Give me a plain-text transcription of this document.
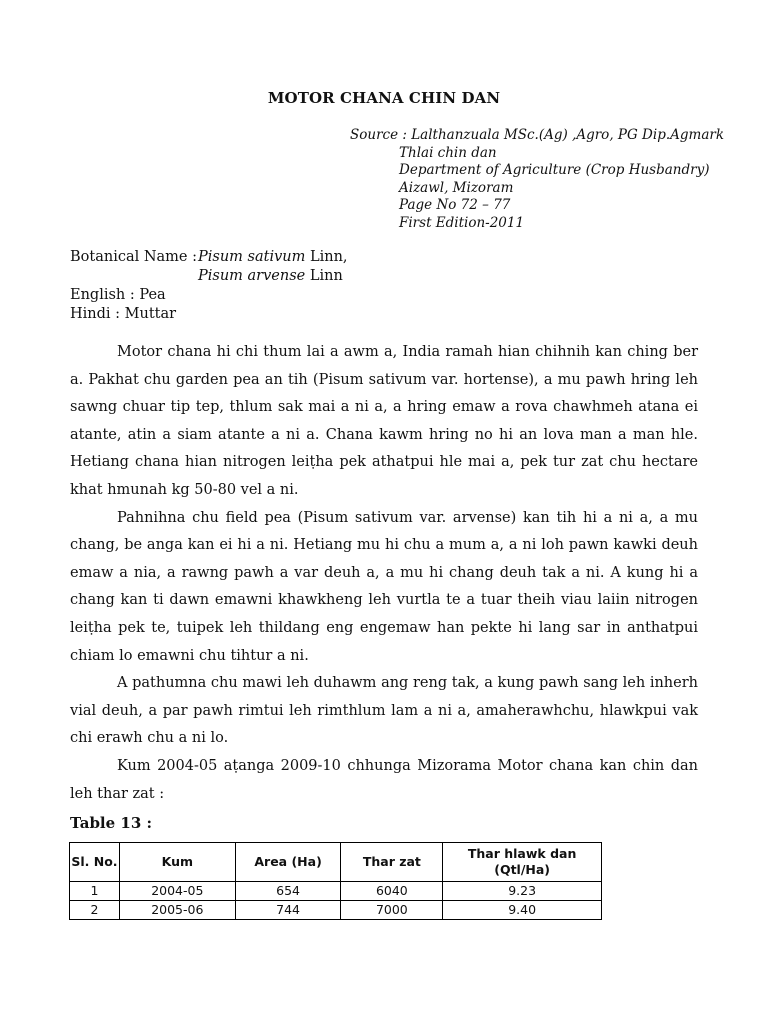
MOTOR CHANA CHIN DAN
Source : Lalthanzuala MSc.(Ag) ,Agro, PG Dip.Agmark
Thlai chin dan
Department of Agriculture (Crop Husbandry)
Aizawl, Mizoram
Page No 72 – 77
First Edition-2011
Botanical Name : Pisum sativum Linn,
Pisum arvense Linn
English : Pea
Hindi : Muttar

Motor chana hi chi thum lai a awm a, India ramah hian chihnih kan ching ber a. Pakhat chu garden pea an tih (Pisum sativum var. hortense), a mu pawh hring leh sawng chuar tip tep, thlum sak mai a ni a, a hring emaw a rova chawhmeh atana ei atante, atin a siam atante a ni a. Chana kawm hring no hi an lova man a man hle. Hetiang chana hian nitrogen leiṭha pek athatpui hle mai a, pek tur zat chu hectare khat hmunah kg 50-80 vel a ni.

Pahnihna chu field pea (Pisum sativum var. arvense) kan tih hi a ni a, a mu chang, be anga kan ei hi a ni. Hetiang mu hi chu a mum a, a ni loh pawn kawki deuh emaw a nia, a rawng pawh a var deuh a, a mu hi chang deuh tak a ni. A kung hi a chang kan ti dawn emawni khawkheng leh vurtla te a tuar theih viau laiin nitrogen leiṭha pek te, tuipek leh thildang eng engemaw han pekte hi lang sar in anthatpui chiam lo emawni chu tihtur a ni.

A pathumna chu mawi leh duhawm ang reng tak, a kung pawh sang leh inherh vial deuh, a par pawh rimtui leh rimthlum lam a ni a, amaherawhchu, hlawkpui vak chi erawh chu a ni lo.

Kum 2004-05 aṭanga 2009-10 chhunga Mizorama Motor chana kan chin dan leh thar zat :

Table 13 :
Sl. No.	Kum	Area (Ha)	Thar zat	Thar hlawk dan (Qtl/Ha)
1	2004-05	654	6040	9.23
2	2005-06	744	7000	9.40
